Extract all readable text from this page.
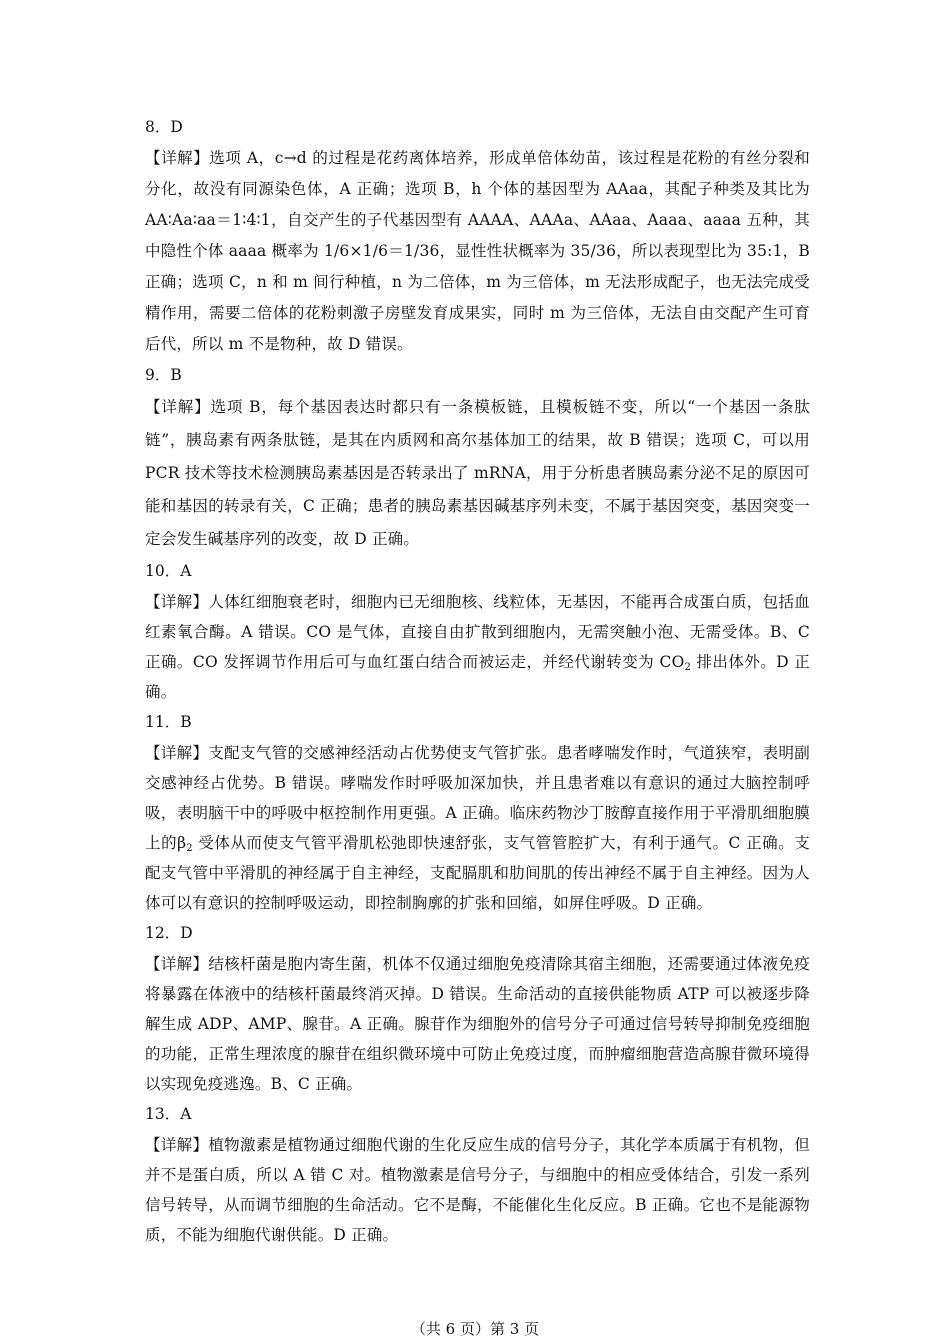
8．D

【详解】选项 A，c→d 的过程是花药离体培养，形成单倍体幼苗，该过程是花粉的有丝分裂和分化，故没有同源染色体，A 正确；选项 B，h 个体的基因型为 AAaa，其配子种类及其比为 AA∶Aa∶aa＝1∶4∶1，自交产生的子代基因型有 AAAA、AAAa、AAaa、Aaaa、aaaa 五种，其中隐性个体 aaaa 概率为 1/6×1/6＝1/36，显性性状概率为 35/36，所以表现型比为 35:1，B 正确；选项 C，n 和 m 间行种植，n 为二倍体，m 为三倍体，m 无法形成配子，也无法完成受精作用，需要二倍体的花粉刺激子房壁发育成果实，同时 m 为三倍体，无法自由交配产生可育后代，所以 m 不是物种，故 D 错误。

9．B

【详解】选项 B，每个基因表达时都只有一条模板链，且模板链不变，所以“一个基因一条肽链”，胰岛素有两条肽链，是其在内质网和高尔基体加工的结果，故 B 错误；选项 C，可以用 PCR 技术等技术检测胰岛素基因是否转录出了 mRNA，用于分析患者胰岛素分泌不足的原因可能和基因的转录有关，C 正确；患者的胰岛素基因碱基序列未变，不属于基因突变，基因突变一定会发生碱基序列的改变，故 D 正确。

10．A

【详解】人体红细胞衰老时，细胞内已无细胞核、线粒体，无基因，不能再合成蛋白质，包括血红素氧合酶。A 错误。CO 是气体，直接自由扩散到细胞内，无需突触小泡、无需受体。B、C 正确。CO 发挥调节作用后可与血红蛋白结合而被运走，并经代谢转变为 $CO_2$ 排出体外。D 正确。

11．B

【详解】支配支气管的交感神经活动占优势使支气管扩张。患者哮喘发作时，气道狭窄，表明副交感神经占优势。B 错误。哮喘发作时呼吸加深加快，并且患者难以有意识的通过大脑控制呼吸，表明脑干中的呼吸中枢控制作用更强。A 正确。临床药物沙丁胺醇直接作用于平滑肌细胞膜上的$\beta_2$ 受体从而使支气管平滑肌松弛即快速舒张，支气管管腔扩大，有利于通气。C 正确。支配支气管中平滑肌的神经属于自主神经，支配膈肌和肋间肌的传出神经不属于自主神经。因为人体可以有意识的控制呼吸运动，即控制胸廓的扩张和回缩，如屏住呼吸。D 正确。

12．D

【详解】结核杆菌是胞内寄生菌，机体不仅通过细胞免疫清除其宿主细胞，还需要通过体液免疫将暴露在体液中的结核杆菌最终消灭掉。D 错误。生命活动的直接供能物质 ATP 可以被逐步降解生成 ADP、AMP、腺苷。A 正确。腺苷作为细胞外的信号分子可通过信号转导抑制免疫细胞的功能，正常生理浓度的腺苷在组织微环境中可防止免疫过度，而肿瘤细胞营造高腺苷微环境得以实现免疫逃逸。B、C 正确。

13．A

【详解】植物激素是植物通过细胞代谢的生化反应生成的信号分子，其化学本质属于有机物，但并不是蛋白质，所以 A 错 C 对。植物激素是信号分子，与细胞中的相应受体结合，引发一系列信号转导，从而调节细胞的生命活动。它不是酶，不能催化生化反应。B 正确。它也不是能源物质，不能为细胞代谢供能。D 正确。

（共 6 页）第 3 页
